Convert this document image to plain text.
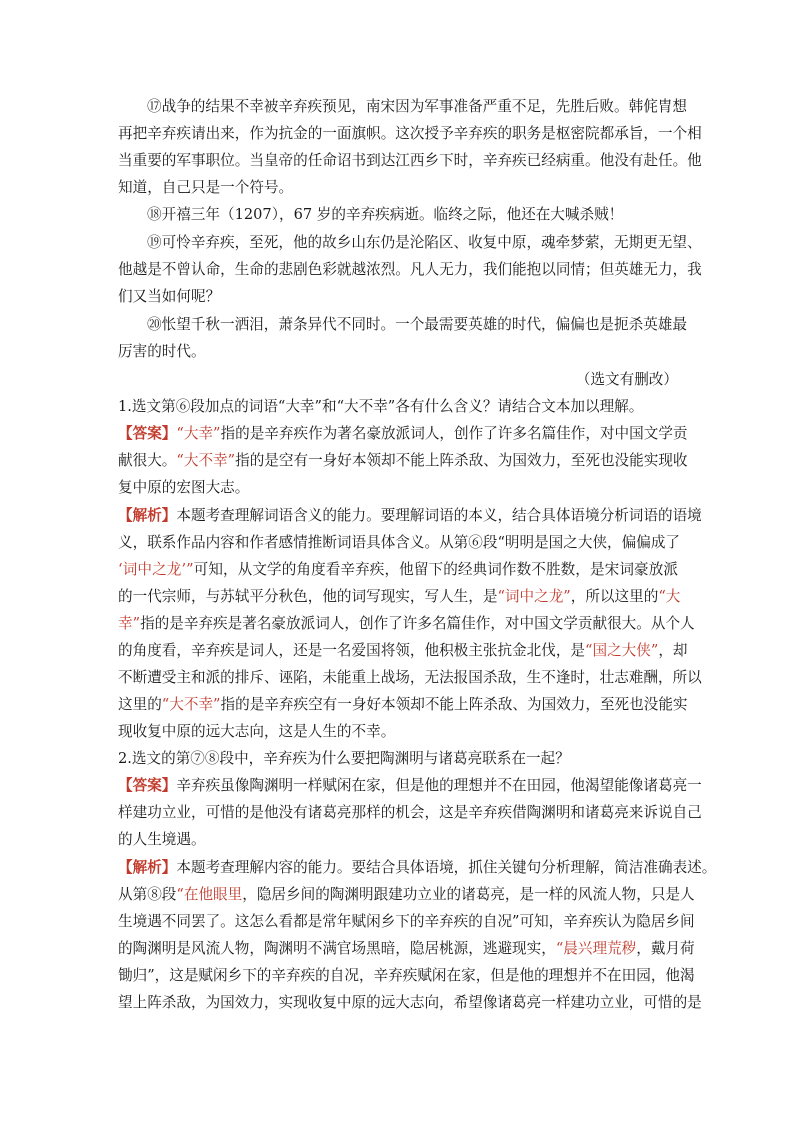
⑰战争的结果不幸被辛弃疾预见，南宋因为军事准备严重不足，先胜后败。韩侂胄想
再把辛弃疾请出来，作为抗金的一面旗帜。这次授予辛弃疾的职务是枢密院都承旨，一个相
当重要的军事职位。当皇帝的任命诏书到达江西乡下时，辛弃疾已经病重。他没有赴任。他
知道，自己只是一个符号。
⑱开禧三年（1207），67 岁的辛弃疾病逝。临终之际，他还在大喊杀贼！
⑲可怜辛弃疾，至死，他的故乡山东仍是沦陷区、收复中原，魂牵梦萦，无期更无望、
他越是不曾认命，生命的悲剧色彩就越浓烈。凡人无力，我们能抱以同情；但英雄无力，我
们又当如何呢？
⑳怅望千秋一洒泪，萧条异代不同时。一个最需要英雄的时代，偏偏也是扼杀英雄最
厉害的时代。
（选文有删改）
1.选文第⑥段加点的词语“大幸”和“大不幸”各有什么含义？请结合文本加以理解。
【答案】“大幸”指的是辛弃疾作为著名豪放派词人，创作了许多名篇佳作，对中国文学贡
献很大。“大不幸”指的是空有一身好本领却不能上阵杀敌、为国效力，至死也没能实现收
复中原的宏图大志。
【解析】本题考查理解词语含义的能力。要理解词语的本义，结合具体语境分析词语的语境
义，联系作品内容和作者感情推断词语具体含义。从第⑥段“明明是国之大侠，偏偏成了
‘词中之龙’”可知，从文学的角度看辛弃疾，他留下的经典词作数不胜数，是宋词豪放派
的一代宗师，与苏轼平分秋色，他的词写现实，写人生，是“词中之龙”，所以这里的“大
幸”指的是辛弃疾是著名豪放派词人，创作了许多名篇佳作，对中国文学贡献很大。从个人
的角度看，辛弃疾是词人，还是一名爱国将领，他积极主张抗金北伐，是“国之大侠”，却
不断遭受主和派的排斥、诬陷，未能重上战场，无法报国杀敌，生不逢时，壮志难酬，所以
这里的“大不幸”指的是辛弃疾空有一身好本领却不能上阵杀敌、为国效力，至死也没能实
现收复中原的远大志向，这是人生的不幸。
2.选文的第⑦⑧段中，辛弃疾为什么要把陶渊明与诸葛亮联系在一起？
【答案】辛弃疾虽像陶渊明一样赋闲在家，但是他的理想并不在田园，他渴望能像诸葛亮一
样建功立业，可惜的是他没有诸葛亮那样的机会，这是辛弃疾借陶渊明和诸葛亮来诉说自己
的人生境遇。
【解析】本题考查理解内容的能力。要结合具体语境，抓住关键句分析理解，简洁准确表述。
从第⑧段“在他眼里，隐居乡间的陶渊明跟建功立业的诸葛亮，是一样的风流人物，只是人
生境遇不同罢了。这怎么看都是常年赋闲乡下的辛弃疾的自况”可知，辛弃疾认为隐居乡间
的陶渊明是风流人物，陶渊明不满官场黑暗，隐居桃源，逃避现实，“晨兴理荒秽，戴月荷
锄归”，这是赋闲乡下的辛弃疾的自况，辛弃疾赋闲在家，但是他的理想并不在田园，他渴
望上阵杀敌，为国效力，实现收复中原的远大志向，希望像诸葛亮一样建功立业，可惜的是
